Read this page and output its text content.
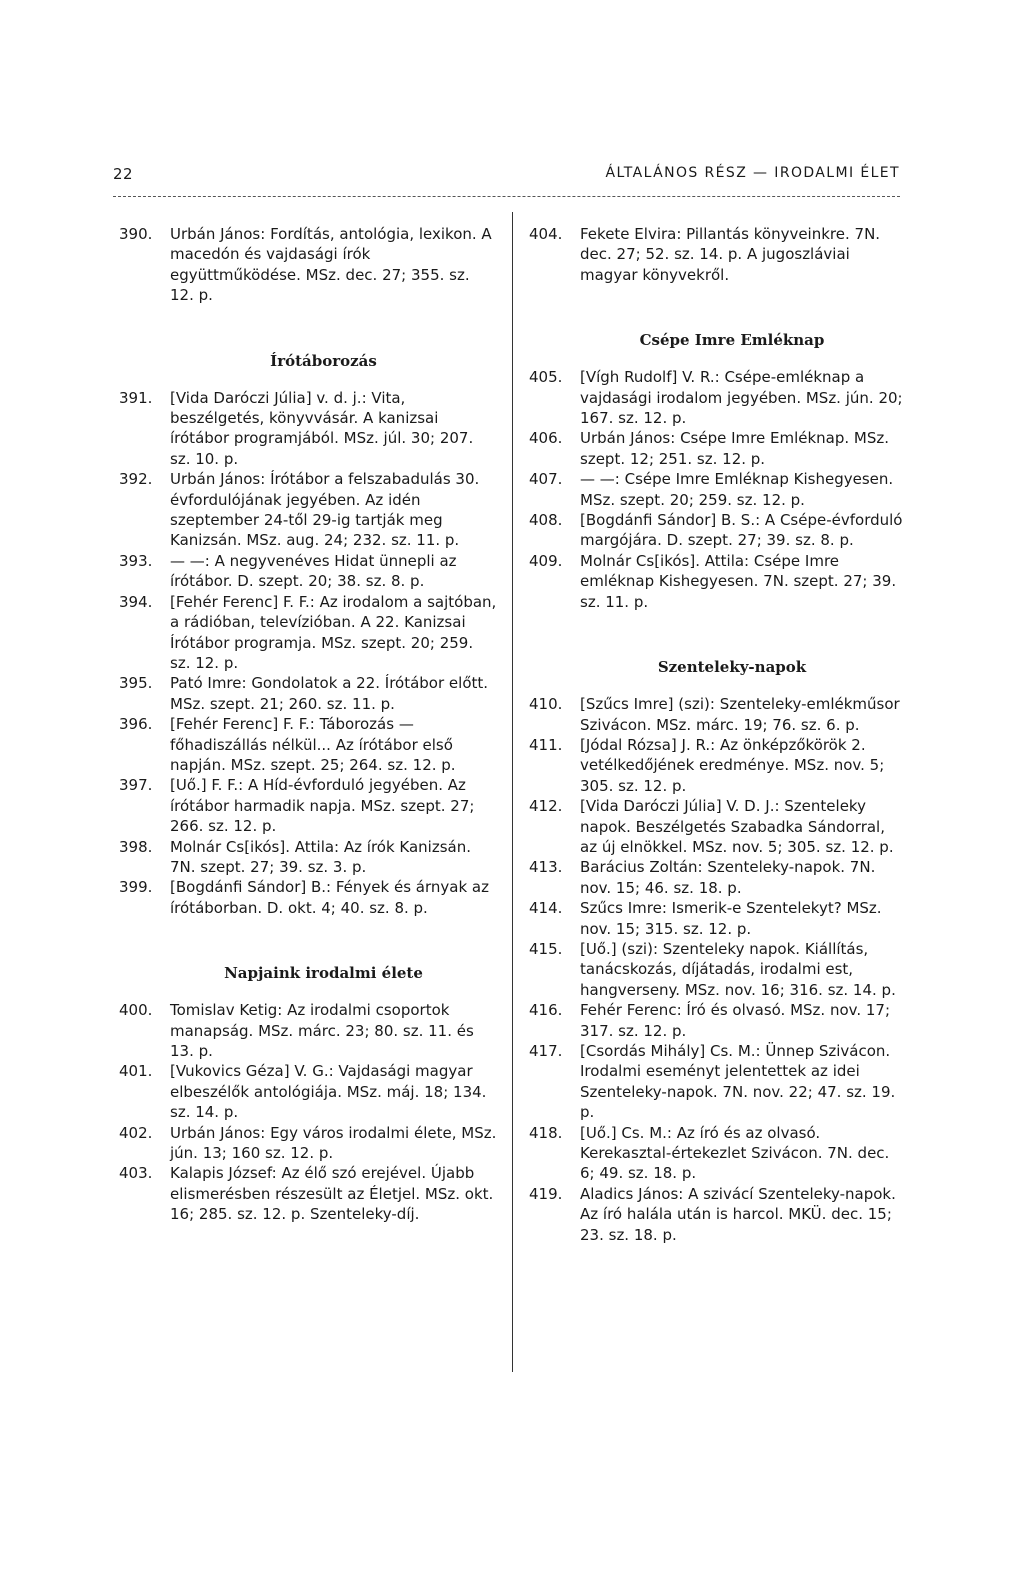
22	ÁLTALÁNOS RÉSZ — IRODALMI ÉLET

390. Urbán János: Fordítás, antológia, lexikon. A macedón és vajdasági írók együttműködése. MSz. dec. 27; 355. sz. 12. p.

Írótáborozás

391. [Vida Daróczi Júlia] v. d. j.: Vita, beszélgetés, könyvvásár. A kanizsai írótábor programjából. MSz. júl. 30; 207. sz. 10. p.

392. Urbán János: Írótábor a felszabadulás 30. évfordulójának jegyében. Az idén szeptember 24-től 29-ig tartják meg Kanizsán. MSz. aug. 24; 232. sz. 11. p.

393. — —: A negyvenéves Hidat ünnepli az írótábor. D. szept. 20; 38. sz. 8. p.

394. [Fehér Ferenc] F. F.: Az irodalom a sajtóban, a rádióban, televízióban. A 22. Kanizsai Írótábor programja. MSz. szept. 20; 259. sz. 12. p.

395. Pató Imre: Gondolatok a 22. Írótábor előtt. MSz. szept. 21; 260. sz. 11. p.

396. [Fehér Ferenc] F. F.: Táborozás — főhadiszállás nélkül... Az írótábor első napján. MSz. szept. 25; 264. sz. 12. p.

397. [Uő.] F. F.: A Híd-évforduló jegyében. Az írótábor harmadik napja. MSz. szept. 27; 266. sz. 12. p.

398. Molnár Cs[ikós]. Attila: Az írók Kanizsán. 7N. szept. 27; 39. sz. 3. p.

399. [Bogdánfi Sándor] B.: Fények és árnyak az írótáborban. D. okt. 4; 40. sz. 8. p.

Napjaink irodalmi élete

400. Tomislav Ketig: Az irodalmi csoportok manapság. MSz. márc. 23; 80. sz. 11. és 13. p.

401. [Vukovics Géza] V. G.: Vajdasági magyar elbeszélők antológiája. MSz. máj. 18; 134. sz. 14. p.

402. Urbán János: Egy város irodalmi élete, MSz. jún. 13; 160 sz. 12. p.

403. Kalapis József: Az élő szó erejével. Újabb elismerésben részesült az Életjel. MSz. okt. 16; 285. sz. 12. p. Szenteleky-díj.

404. Fekete Elvira: Pillantás könyveinkre. 7N. dec. 27; 52. sz. 14. p. A jugoszláviai magyar könyvekről.

Csépe Imre Emléknap

405. [Vígh Rudolf] V. R.: Csépe-emléknap a vajdasági irodalom jegyében. MSz. jún. 20; 167. sz. 12. p.

406. Urbán János: Csépe Imre Emléknap. MSz. szept. 12; 251. sz. 12. p.

407. — —: Csépe Imre Emléknap Kishegyesen. MSz. szept. 20; 259. sz. 12. p.

408. [Bogdánfi Sándor] B. S.: A Csépe-évforduló margójára. D. szept. 27; 39. sz. 8. p.

409. Molnár Cs[ikós]. Attila: Csépe Imre emléknap Kishegyesen. 7N. szept. 27; 39. sz. 11. p.

Szenteleky-napok

410. [Szűcs Imre] (szi): Szenteleky-emlékműsor Szivácon. MSz. márc. 19; 76. sz. 6. p.

411. [Jódal Rózsa] J. R.: Az önképzőkörök 2. vetélkedőjének eredménye. MSz. nov. 5; 305. sz. 12. p.

412. [Vida Daróczi Júlia] V. D. J.: Szenteleky napok. Beszélgetés Szabadka Sándorral, az új elnökkel. MSz. nov. 5; 305. sz. 12. p.

413. Barácius Zoltán: Szenteleky-napok. 7N. nov. 15; 46. sz. 18. p.

414. Szűcs Imre: Ismerik-e Szentelekyt? MSz. nov. 15; 315. sz. 12. p.

415. [Uő.] (szi): Szenteleky napok. Kiállítás, tanácskozás, díjátadás, irodalmi est, hangverseny. MSz. nov. 16; 316. sz. 14. p.

416. Fehér Ferenc: Író és olvasó. MSz. nov. 17; 317. sz. 12. p.

417. [Csordás Mihály] Cs. M.: Ünnep Szivácon. Irodalmi eseményt jelentettek az idei Szenteleky-napok. 7N. nov. 22; 47. sz. 19. p.

418. [Uő.] Cs. M.: Az író és az olvasó. Kerekasztal-értekezlet Szivácon. 7N. dec. 6; 49. sz. 18. p.

419. Aladics János: A szivácí Szenteleky-napok. Az író halála után is harcol. MKÜ. dec. 15; 23. sz. 18. p.
